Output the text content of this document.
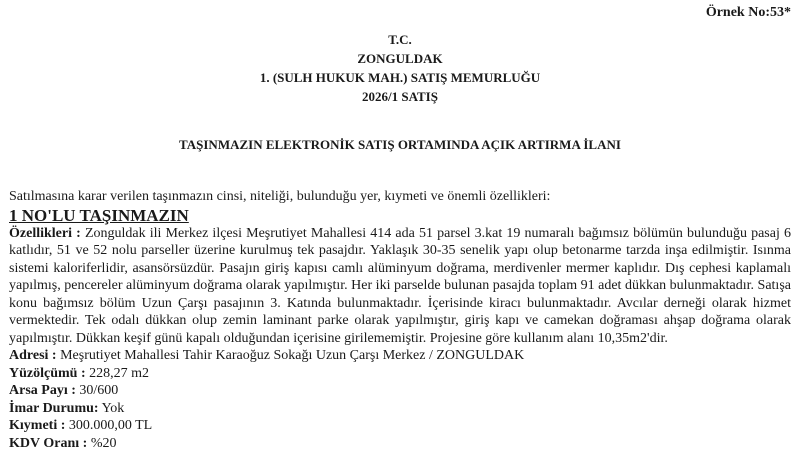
Örnek No:53*
T.C.
ZONGULDAK
1. (SULH HUKUK MAH.) SATIŞ MEMURLUĞU
2026/1 SATIŞ
TAŞINMAZIN ELEKTRONİK SATIŞ ORTAMINDA AÇIK ARTIRMA İLANI

Satılmasına karar verilen taşınmazın cinsi, niteliği, bulunduğu yer, kıymeti ve önemli özellikleri:

1 NO'LU TAŞINMAZIN

Özellikleri : Zonguldak ili Merkez ilçesi Meşrutiyet Mahallesi 414 ada 51 parsel 3.kat 19 numaralı bağımsız bölümün bulunduğu pasaj 6 katlıdır, 51 ve 52 nolu parseller üzerine kurulmuş tek pasajdır. Yaklaşık 30-35 senelik yapı olup betonarme tarzda inşa edilmiştir. Isınma sistemi kaloriferlidir, asansörsüzdür. Pasajın giriş kapısı camlı alüminyum doğrama, merdivenler mermer kaplıdır. Dış cephesi kaplamalı yapılmış, pencereler alüminyum doğrama olarak yapılmıştır. Her iki parselde bulunan pasajda toplam 91 adet dükkan bulunmaktadır. Satışa konu bağımsız bölüm Uzun Çarşı pasajının 3. Katında bulunmaktadır. İçerisinde kiracı bulunmaktadır. Avcılar derneği olarak hizmet vermektedir. Tek odalı dükkan olup zemin laminant parke olarak yapılmıştır, giriş kapı ve camekan doğraması ahşap doğrama olarak yapılmıştır. Dükkan keşif günü kapalı olduğundan içerisine girilememiştir. Projesine göre kullanım alanı 10,35m2'dir.

Adresi : Meşrutiyet Mahallesi Tahir Karaoğuz Sokağı Uzun Çarşı Merkez / ZONGULDAK

Yüzölçümü : 228,27 m2

Arsa Payı : 30/600

İmar Durumu: Yok

Kıymeti : 300.000,00 TL

KDV Oranı : %20
